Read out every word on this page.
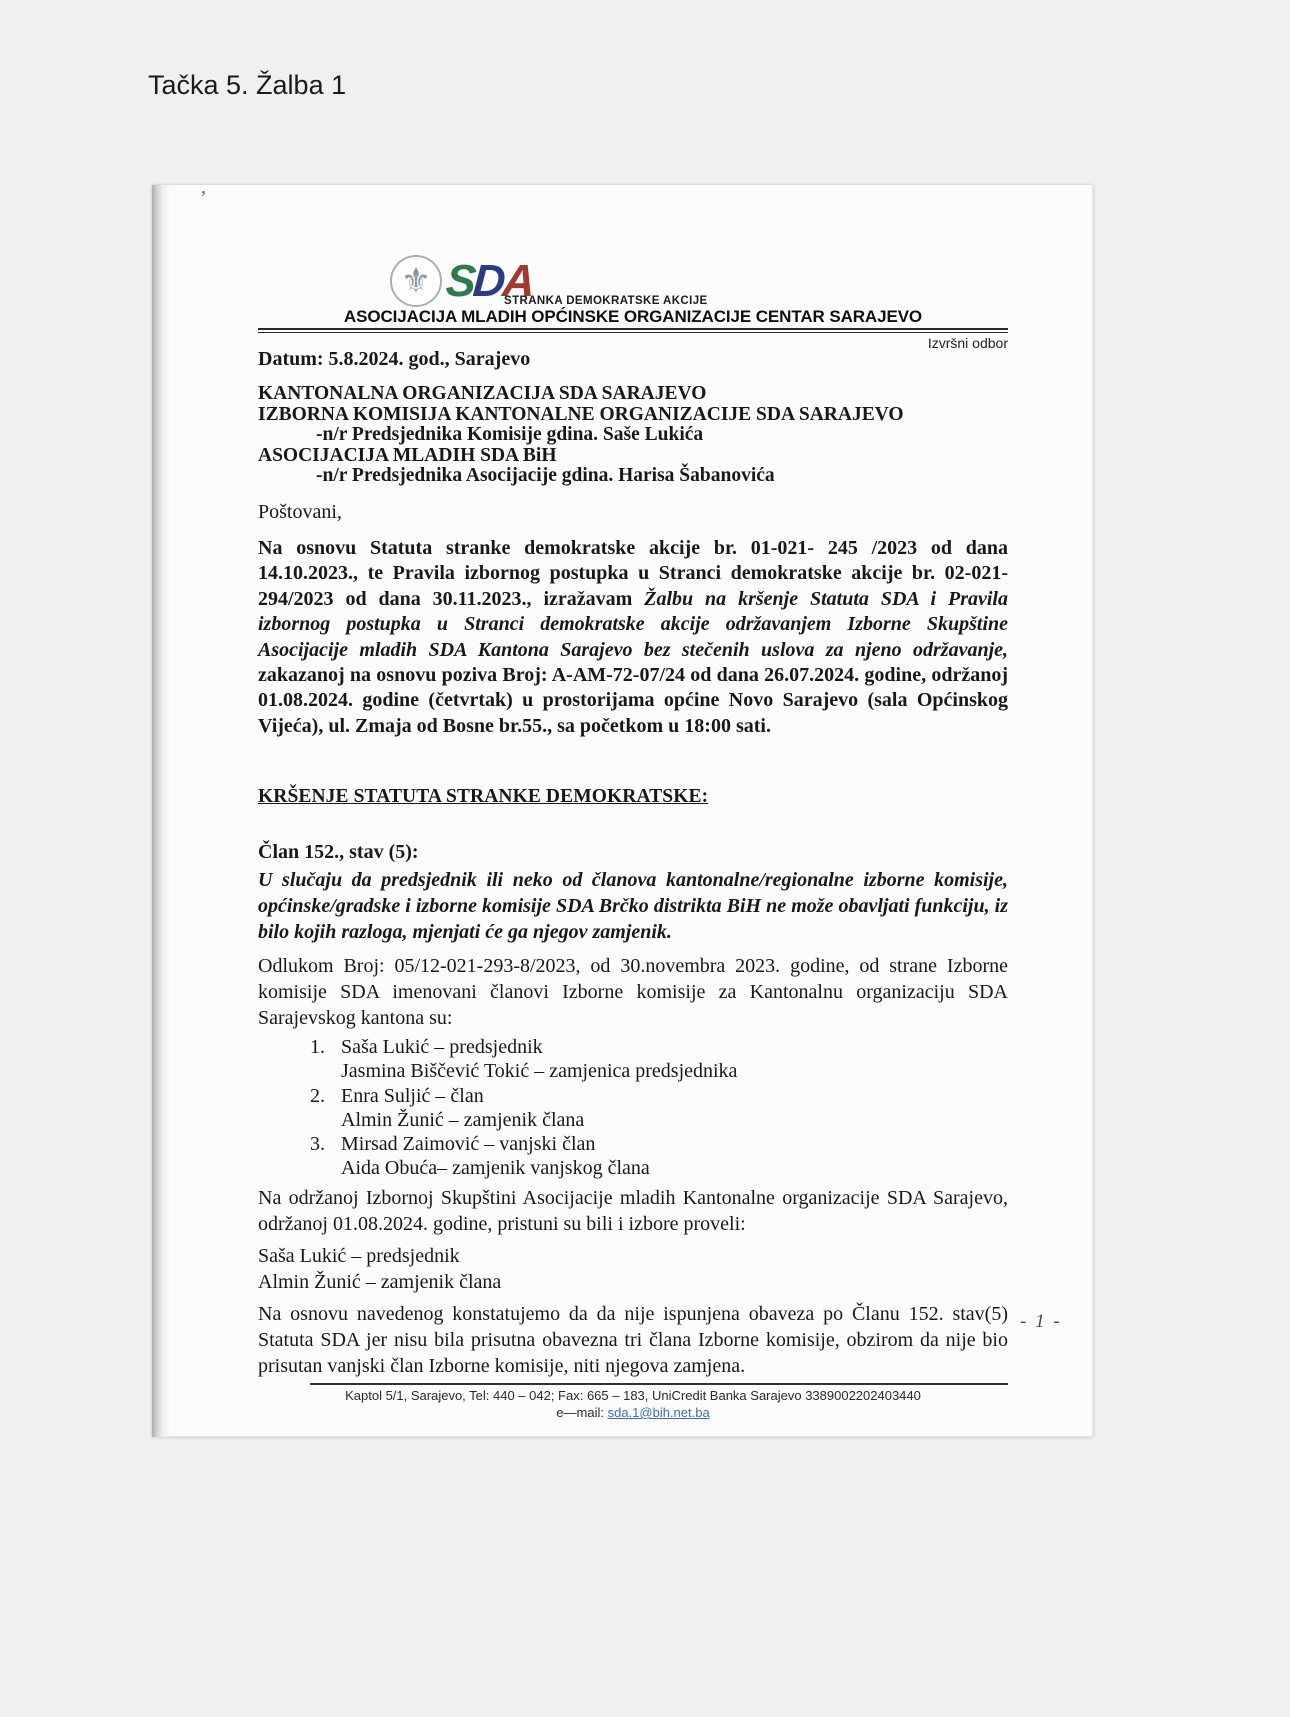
Tačka 5. Žalba 1
’
⚜ SDA
STRANKA DEMOKRATSKE AKCIJE
ASOCIJACIJA MLADIH OPĆINSKE ORGANIZACIJE CENTAR SARAJEVO
Izvršni odbor
Datum: 5.8.2024. god., Sarajevo
KANTONALNA ORGANIZACIJA SDA SARAJEVO
IZBORNA KOMISIJA KANTONALNE ORGANIZACIJE SDA SARAJEVO
-n/r Predsjednika Komisije gdina. Saše Lukića
ASOCIJACIJA MLADIH SDA BiH
-n/r Predsjednika Asocijacije gdina. Harisa Šabanovića
Poštovani,

Na osnovu Statuta stranke demokratske akcije br. 01-021- 245 /2023 od dana 14.10.2023., te Pravila izbornog postupka u Stranci demokratske akcije br. 02-021-294/2023 od dana 30.11.2023., izražavam Žalbu na kršenje Statuta SDA i Pravila izbornog postupka u Stranci demokratske akcije održavanjem Izborne Skupštine Asocijacije mladih SDA Kantona Sarajevo bez stečenih uslova za njeno održavanje, zakazanoj na osnovu poziva Broj: A-AM-72-07/24 od dana 26.07.2024. godine, održanoj 01.08.2024. godine (četvrtak) u prostorijama općine Novo Sarajevo (sala Općinskog Vijeća), ul. Zmaja od Bosne br.55., sa početkom u 18:00 sati.

KRŠENJE STATUTA STRANKE DEMOKRATSKE:
Član 152., stav (5):

U slučaju da predsjednik ili neko od članova kantonalne/regionalne izborne komisije, općinske/gradske i izborne komisije SDA Brčko distrikta BiH ne može obavljati funkciju, iz bilo kojih razloga, mjenjati će ga njegov zamjenik.

Odlukom Broj: 05/12-021-293-8/2023, od 30.novembra 2023. godine, od strane Izborne komisije SDA imenovani članovi Izborne komisije za Kantonalnu organizaciju SDA Sarajevskog kantona su:

1. Saša Lukić – predsjednik
Jasmina Biščević Tokić – zamjenica predsjednika
2. Enra Suljić – član
Almin Žunić – zamjenik člana
3. Mirsad Zaimović – vanjski član
Aida Obuća– zamjenik vanjskog člana

Na održanoj Izbornoj Skupštini Asocijacije mladih Kantonalne organizacije SDA Sarajevo, održanoj 01.08.2024. godine, pristuni su bili i izbore proveli:

Saša Lukić – predsjednik
Almin Žunić – zamjenik člana

Na osnovu navedenog konstatujemo da da nije ispunjena obaveza po Članu 152. stav(5) Statuta SDA jer nisu bila prisutna obavezna tri člana Izborne komisije, obzirom da nije bio prisutan vanjski član Izborne komisije, niti njegova zamjena.

- 1 -
Kaptol 5/1, Sarajevo, Tel: 440 – 042; Fax: 665 – 183, UniCredit Banka Sarajevo 3389002202403440
e—mail: sda.1@bih.net.ba
